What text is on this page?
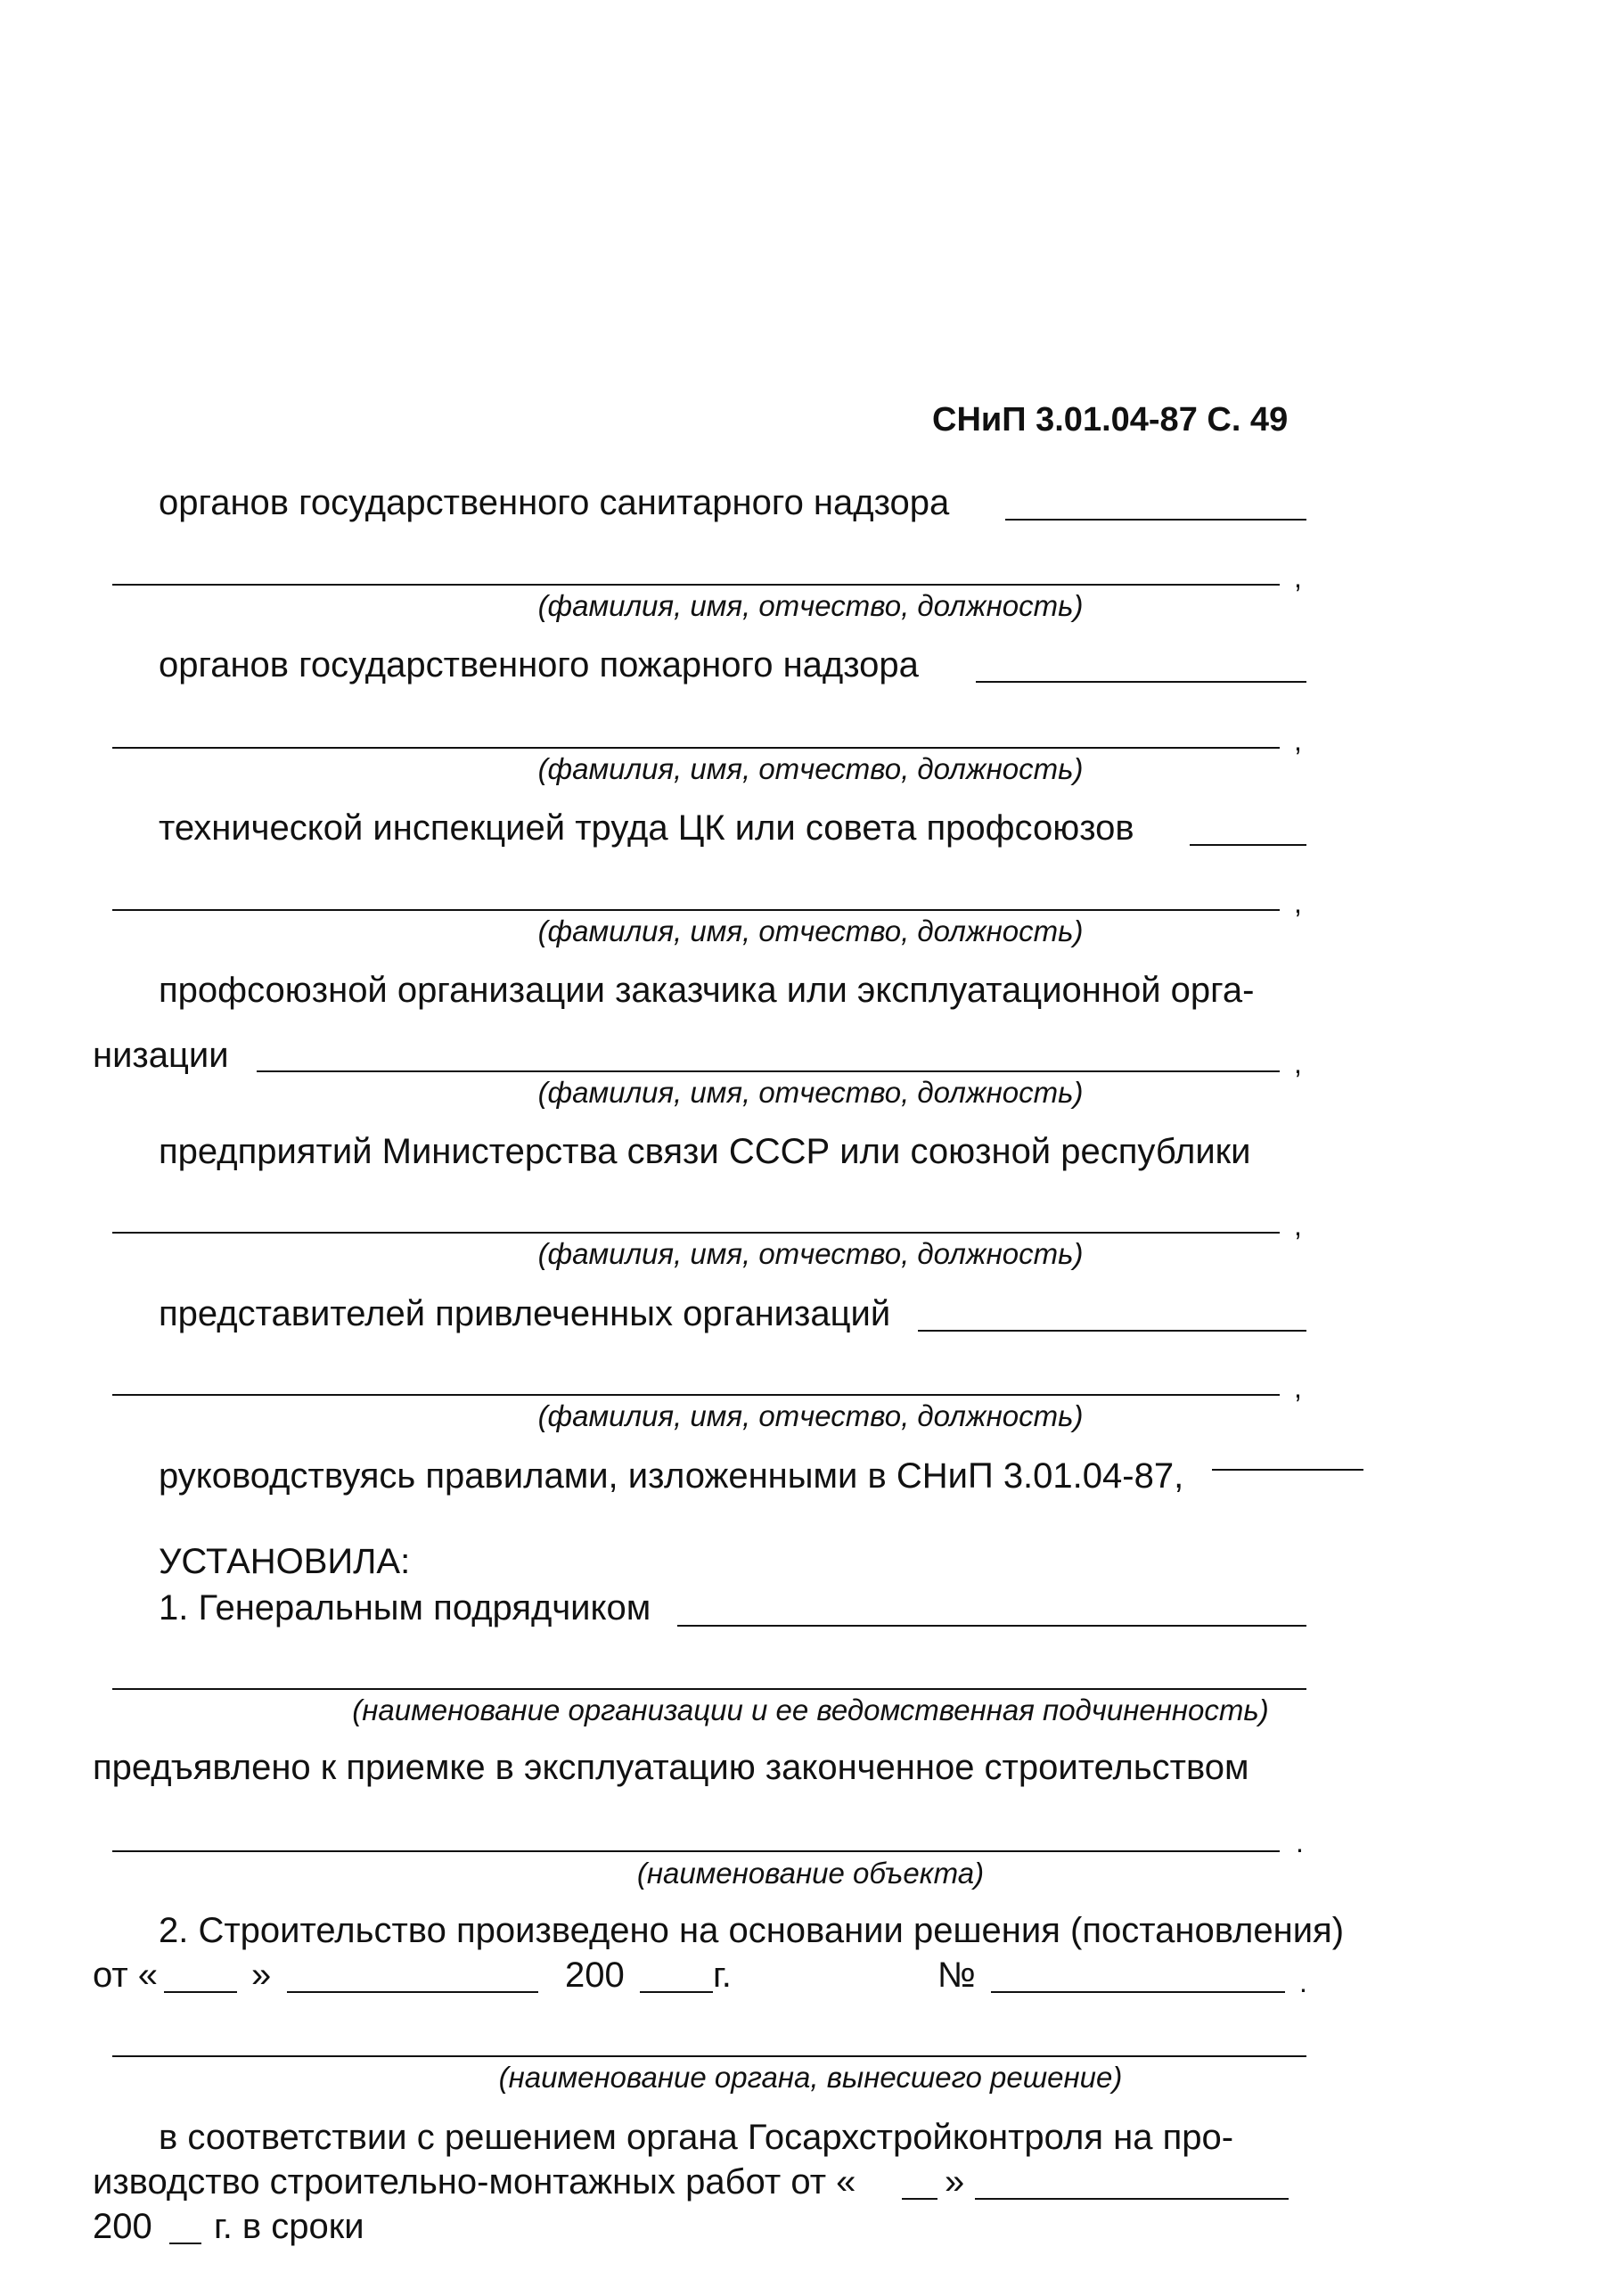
СНиП 3.01.04-87 С. 49
органов государственного санитарного надзора
,
(фамилия, имя, отчество, должность)
органов государственного пожарного надзора
,
(фамилия, имя, отчество, должность)
технической инспекцией труда ЦК или совета профсоюзов
,
(фамилия, имя, отчество, должность)
профсоюзной организации заказчика или эксплуатационной орга-
низации	,
(фамилия, имя, отчество, должность)
предприятий Министерства связи СССР или союзной республики
,
(фамилия, имя, отчество, должность)
представителей привлеченных организаций
,
(фамилия, имя, отчество, должность)
руководствуясь правилами, изложенными в СНиП 3.01.04-87,
УСТАНОВИЛА:
1. Генеральным подрядчиком
(наименование организации и ее ведомственная подчиненность)
предъявлено к приемке в эксплуатацию законченное строительством
.
(наименование объекта)
2. Строительство произведено на основании решения (постановления)
от «	»	200 г.	№	.
(наименование органа, вынесшего решение)
в соответствии с решением органа Госархстройконтроля на про-
изводство строительно-монтажных работ от « »
200 г. в сроки
